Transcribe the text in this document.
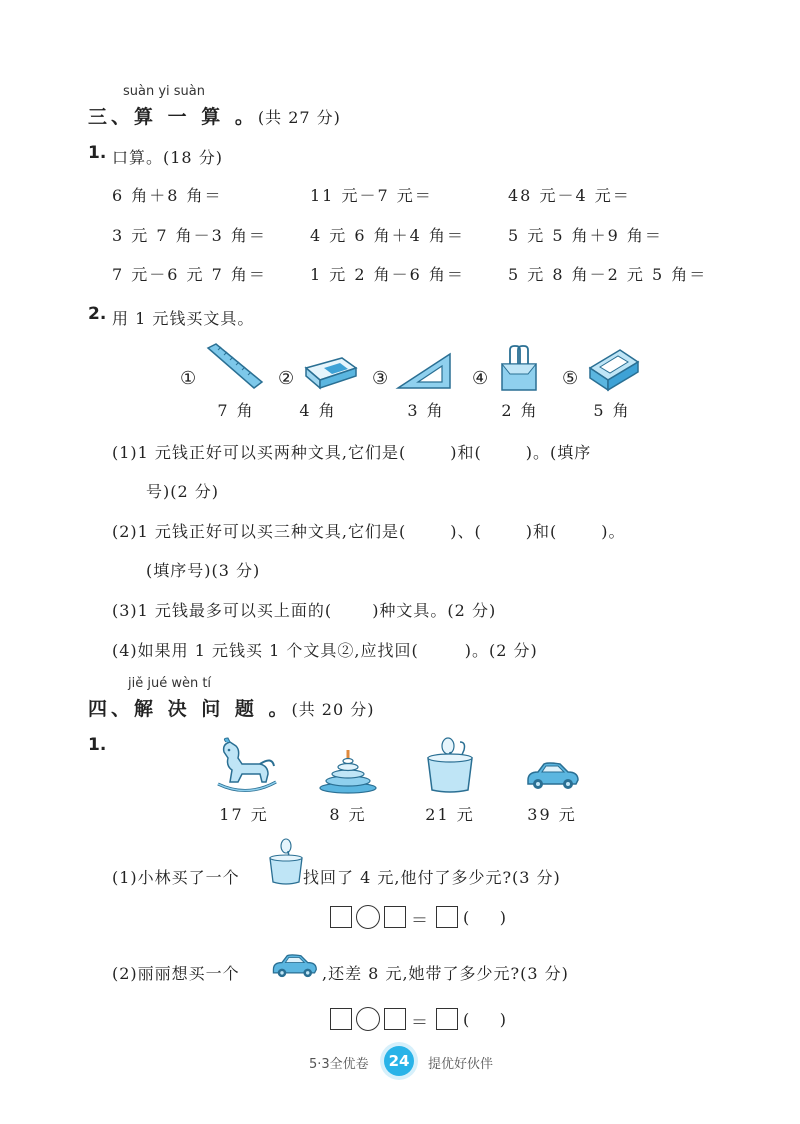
suàn yi suàn
三、算 一 算 。(共 27 分)
1. 口算。(18 分)
6 角＋8 角＝	11 元－7 元＝	48 元－4 元＝
3 元 7 角－3 角＝	4 元 6 角＋4 角＝	5 元 5 角＋9 角＝
7 元－6 元 7 角＝	1 元 2 角－6 角＝	5 元 8 角－2 元 5 角＝
2. 用 1 元钱买文具。
①
7 角
②
4 角
③
3 角
④
2 角
⑤
5 角
(1)1 元钱正好可以买两种文具,它们是(	)和(	)。(填序
号)(2 分)
(2)1 元钱正好可以买三种文具,它们是(	)、(	)和(	)。
(填序号)(3 分)
(3)1 元钱最多可以买上面的(	)种文具。(2 分)
(4)如果用 1 元钱买 1 个文具②,应找回(	)。(2 分)
jiě jué wèn tí
四、解 决 问 题 。(共 20 分)
1.
17 元	8 元	21 元	39 元
(1)小林买了一个	找回了 4 元,他付了多少元?(3 分)
＝ (      )
(2)丽丽想买一个	,还差 8 元,她带了多少元?(3 分)
＝ (      )
5·3全优卷	24	提优好伙伴
